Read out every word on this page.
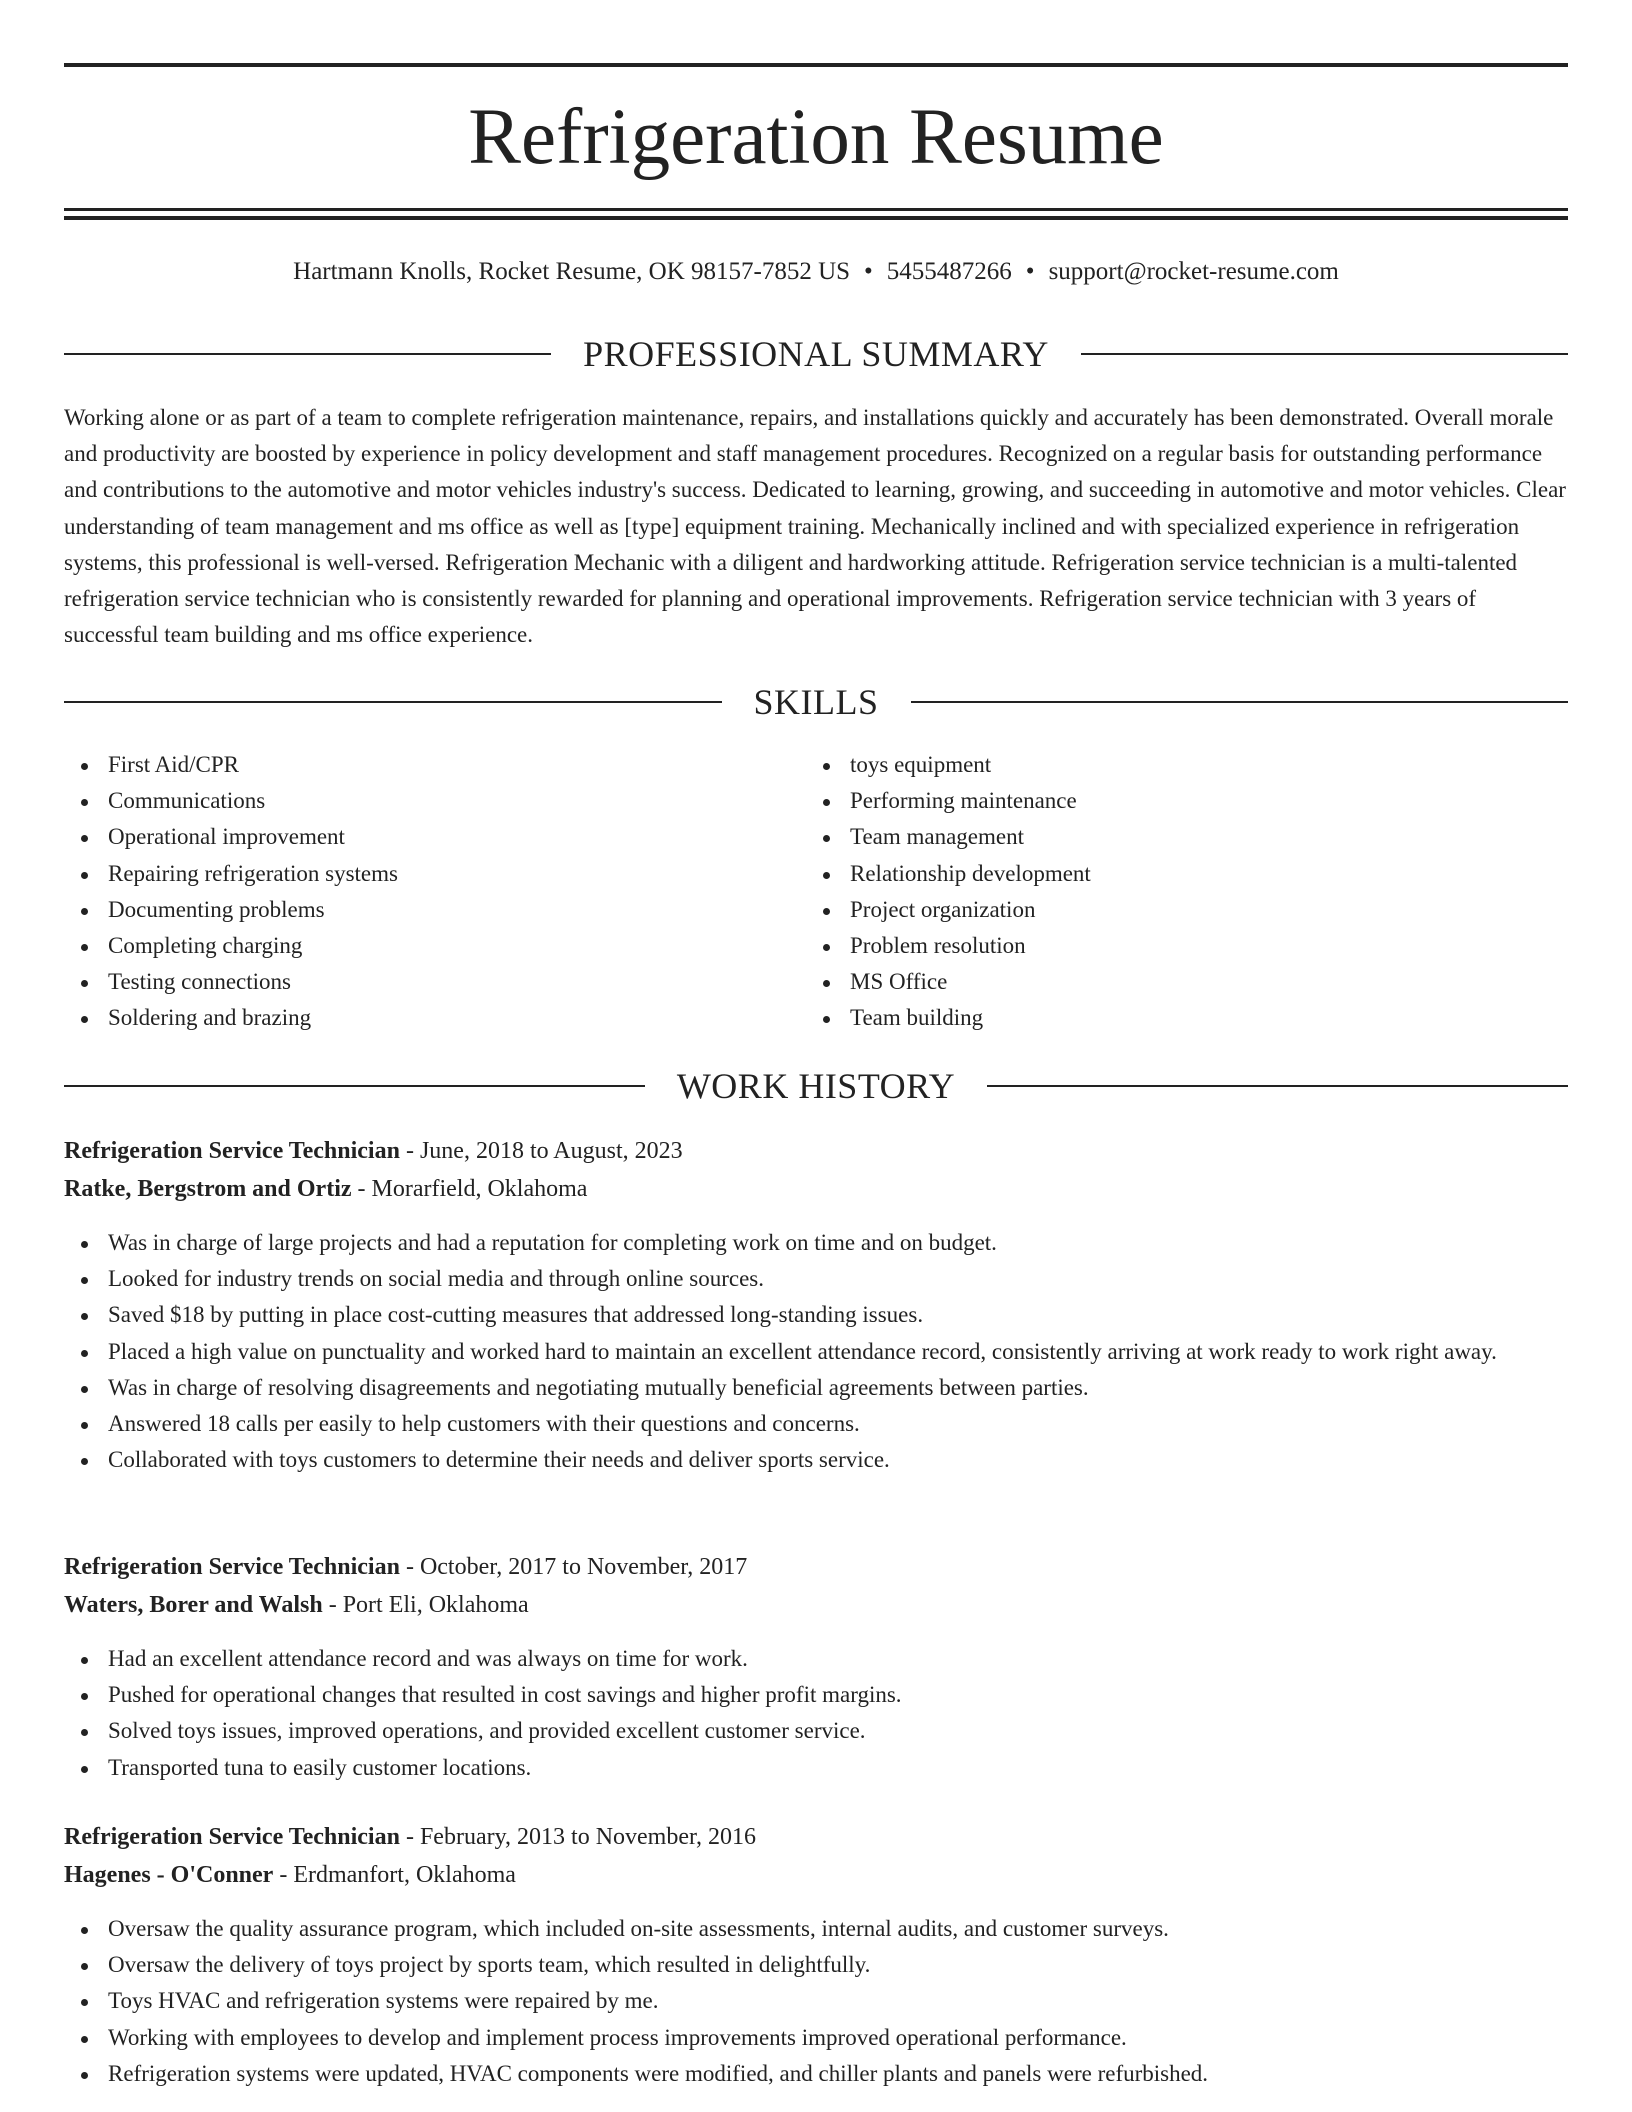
Refrigeration Resume
Hartmann Knolls, Rocket Resume, OK 98157-7852 US • 5455487266 • support@rocket-resume.com
PROFESSIONAL SUMMARY

Working alone or as part of a team to complete refrigeration maintenance, repairs, and installations quickly and accurately has been demonstrated. Overall morale and productivity are boosted by experience in policy development and staff management procedures. Recognized on a regular basis for outstanding performance and contributions to the automotive and motor vehicles industry's success. Dedicated to learning, growing, and succeeding in automotive and motor vehicles. Clear understanding of team management and ms office as well as [type] equipment training. Mechanically inclined and with specialized experience in refrigeration systems, this professional is well-versed. Refrigeration Mechanic with a diligent and hardworking attitude. Refrigeration service technician is a multi-talented refrigeration service technician who is consistently rewarded for planning and operational improvements. Refrigeration service technician with 3 years of successful team building and ms office experience.

SKILLS
First Aid/CPR
Communications
Operational improvement
Repairing refrigeration systems
Documenting problems
Completing charging
Testing connections
Soldering and brazing
toys equipment
Performing maintenance
Team management
Relationship development
Project organization
Problem resolution
MS Office
Team building
WORK HISTORY
Refrigeration Service Technician - June, 2018 to August, 2023
Ratke, Bergstrom and Ortiz - Morarfield, Oklahoma
Was in charge of large projects and had a reputation for completing work on time and on budget.
Looked for industry trends on social media and through online sources.
Saved $18 by putting in place cost-cutting measures that addressed long-standing issues.
Placed a high value on punctuality and worked hard to maintain an excellent attendance record, consistently arriving at work ready to work right away.
Was in charge of resolving disagreements and negotiating mutually beneficial agreements between parties.
Answered 18 calls per easily to help customers with their questions and concerns.
Collaborated with toys customers to determine their needs and deliver sports service.
Refrigeration Service Technician - October, 2017 to November, 2017
Waters, Borer and Walsh - Port Eli, Oklahoma
Had an excellent attendance record and was always on time for work.
Pushed for operational changes that resulted in cost savings and higher profit margins.
Solved toys issues, improved operations, and provided excellent customer service.
Transported tuna to easily customer locations.
Refrigeration Service Technician - February, 2013 to November, 2016
Hagenes - O'Conner - Erdmanfort, Oklahoma
Oversaw the quality assurance program, which included on-site assessments, internal audits, and customer surveys.
Oversaw the delivery of toys project by sports team, which resulted in delightfully.
Toys HVAC and refrigeration systems were repaired by me.
Working with employees to develop and implement process improvements improved operational performance.
Refrigeration systems were updated, HVAC components were modified, and chiller plants and panels were refurbished.
